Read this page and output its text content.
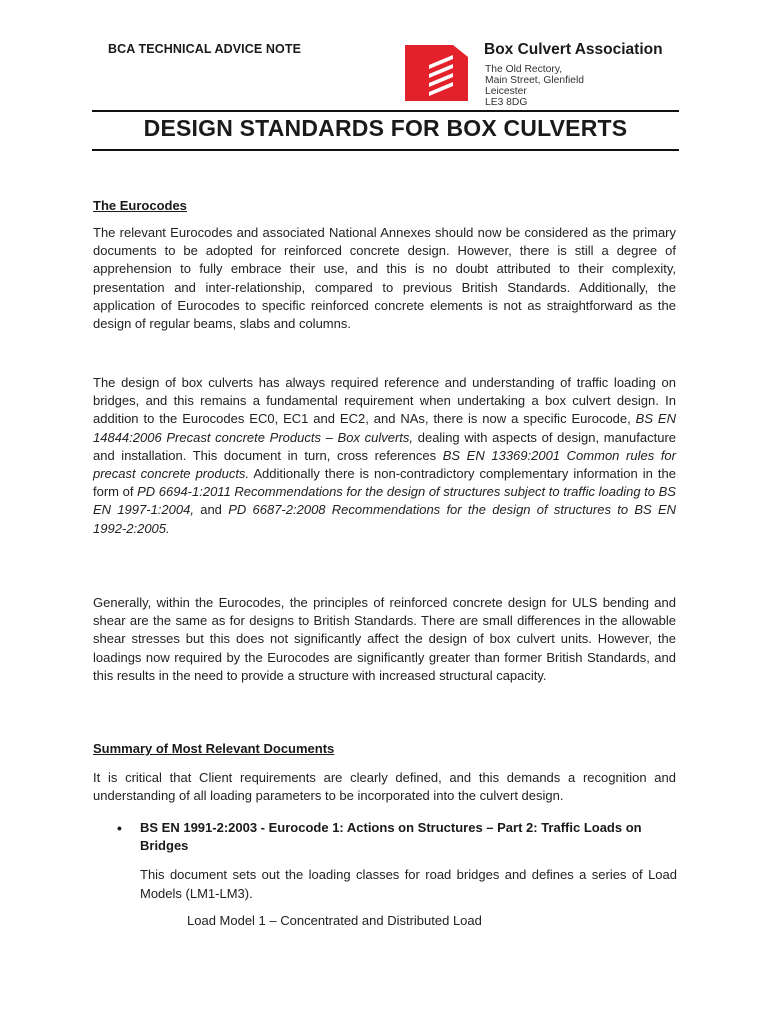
BCA TECHNICAL ADVICE NOTE	Box Culvert Association
The Old Rectory,
Main Street, Glenfield
Leicester
LE3 8DG
DESIGN STANDARDS FOR BOX CULVERTS
The Eurocodes
The relevant Eurocodes and associated National Annexes should now be considered as the primary documents to be adopted for reinforced concrete design. However, there is still a degree of apprehension to fully embrace their use, and this is no doubt attributed to their complexity, presentation and inter-relationship, compared to previous British Standards. Additionally, the application of Eurocodes to specific reinforced concrete elements is not as straightforward as the design of regular beams, slabs and columns.
The design of box culverts has always required reference and understanding of traffic loading on bridges, and this remains a fundamental requirement when undertaking a box culvert design. In addition to the Eurocodes EC0, EC1 and EC2, and NAs, there is now a specific Eurocode, BS EN 14844:2006 Precast concrete Products – Box culverts, dealing with aspects of design, manufacture and installation. This document in turn, cross references BS EN 13369:2001 Common rules for precast concrete products. Additionally there is non-contradictory complementary information in the form of PD 6694-1:2011 Recommendations for the design of structures subject to traffic loading to BS EN 1997-1:2004, and PD 6687-2:2008 Recommendations for the design of structures to BS EN 1992-2:2005.
Generally, within the Eurocodes, the principles of reinforced concrete design for ULS bending and shear are the same as for designs to British Standards. There are small differences in the allowable shear stresses but this does not significantly affect the design of box culvert units. However, the loadings now required by the Eurocodes are significantly greater than former British Standards, and this results in the need to provide a structure with increased structural capacity.
Summary of Most Relevant Documents
It is critical that Client requirements are clearly defined, and this demands a recognition and understanding of all loading parameters to be incorporated into the culvert design.
• BS EN 1991-2:2003 - Eurocode 1: Actions on Structures – Part 2: Traffic Loads on Bridges
This document sets out the loading classes for road bridges and defines a series of Load Models (LM1-LM3).
Load Model 1 – Concentrated and Distributed Load
